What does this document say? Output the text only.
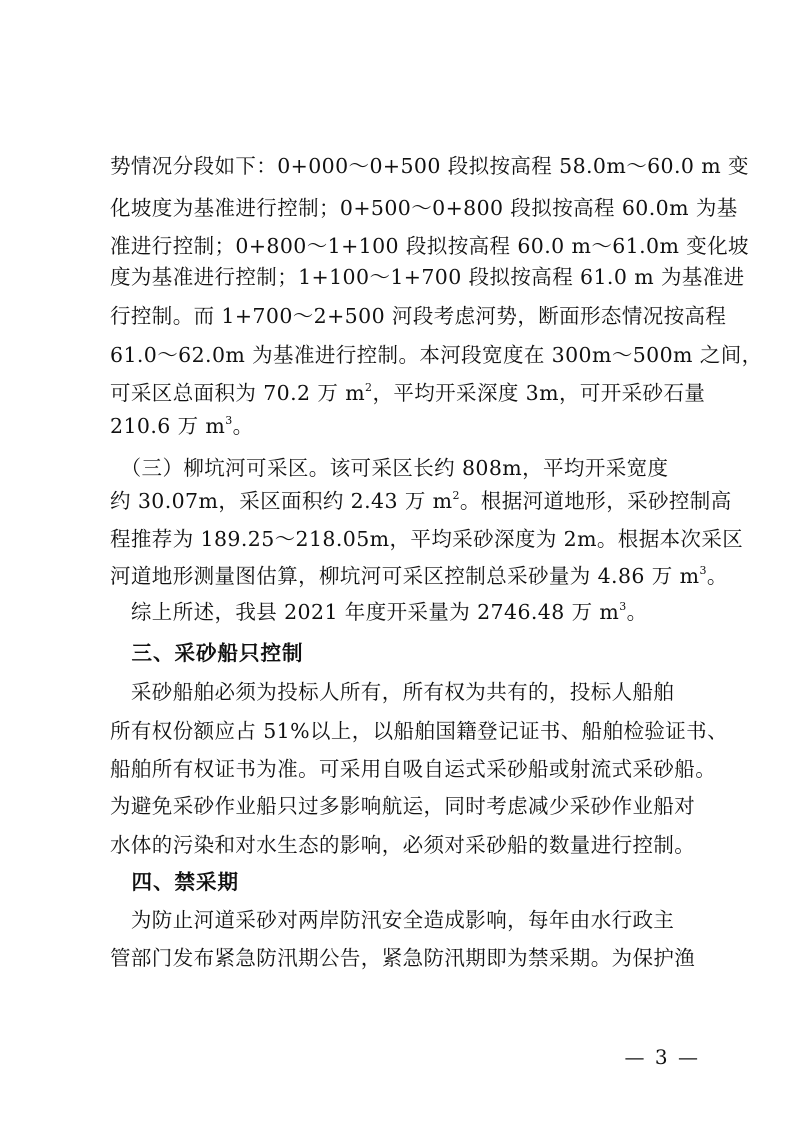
势情况分段如下：0+000～0+500 段拟按高程 58.0m～60.0 m 变
化坡度为基准进行控制；0+500～0+800 段拟按高程 60.0m 为基
准进行控制；0+800～1+100 段拟按高程 60.0 m～61.0m 变化坡
度为基准进行控制；1+100～1+700 段拟按高程 61.0 m 为基准进
行控制。而 1+700～2+500 河段考虑河势，断面形态情况按高程
61.0～62.0m 为基准进行控制。本河段宽度在 300m～500m 之间，
可采区总面积为 70.2 万 $m^2$，平均开采深度 3m，可开采砂石量
210.6 万 $m^3$。
　（三）柳坑河可采区。该可采区长约 808m，平均开采宽度
约 30.07m，采区面积约 2.43 万 $m^2$。根据河道地形，采砂控制高
程推荐为 189.25～218.05m，平均采砂深度为 2m。根据本次采区
河道地形测量图估算，柳坑河可采区控制总采砂量为 4.86 万 $m^3$。
　综上所述，我县 2021 年度开采量为 2746.48 万 $m^3$。
　三、采砂船只控制
　采砂船舶必须为投标人所有，所有权为共有的，投标人船舶
所有权份额应占 51%以上，以船舶国籍登记证书、船舶检验证书、
船舶所有权证书为准。可采用自吸自运式采砂船或射流式采砂船。
为避免采砂作业船只过多影响航运，同时考虑减少采砂作业船对
水体的污染和对水生态的影响，必须对采砂船的数量进行控制。
　四、禁采期
　为防止河道采砂对两岸防汛安全造成影响，每年由水行政主
管部门发布紧急防汛期公告，紧急防汛期即为禁采期。为保护渔
— 3 —
